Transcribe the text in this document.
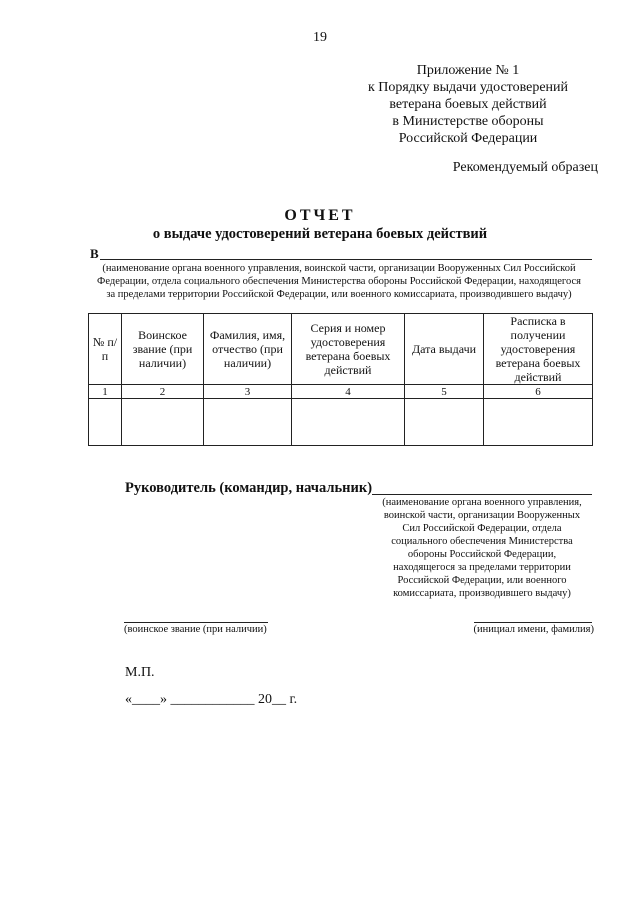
19
Приложение № 1
к Порядку выдачи удостоверений
ветерана боевых действий
в Министерстве обороны
Российской Федерации
Рекомендуемый образец
ОТЧЕТ
о выдаче удостоверений ветерана боевых действий
В
(наименование органа военного управления, воинской части, организации Вооруженных Сил Российской Федерации, отдела социального обеспечения Министерства обороны Российской Федерации, находящегося за пределами территории Российской Федерации, или военного комиссариата, производившего выдачу)
№ п/п	Воинское звание (при наличии)	Фамилия, имя, отчество (при наличии)	Серия и номер удостоверения ветерана боевых действий	Дата выдачи	Расписка в получении удостоверения ветерана боевых действий
1	2	3	4	5	6

Руководитель (командир, начальник)
(наименование органа военного управления, воинской части, организации Вооруженных Сил Российской Федерации, отдела социального обеспечения Министерства обороны Российской Федерации, находящегося за пределами территории Российской Федерации, или военного комиссариата, производившего выдачу)
(воинское звание (при наличии)	(инициал имени, фамилия)
М.П.
«____» ____________ 20__ г.
